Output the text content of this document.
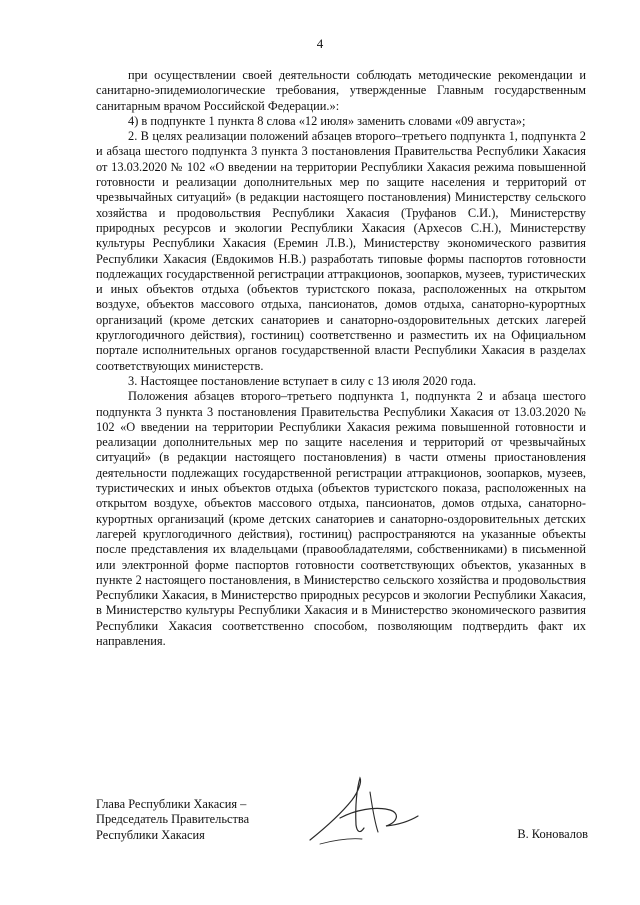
4

при осуществлении своей деятельности соблюдать методические рекомендации и санитарно-эпидемиологические требования, утвержденные Главным государственным санитарным врачом Российской Федерации.»:

4) в подпункте 1 пункта 8 слова «12 июля» заменить словами «09 августа»;

2. В целях реализации положений абзацев второго–третьего подпункта 1, подпункта 2 и абзаца шестого подпункта 3 пункта 3 постановления Правительства Республики Хакасия от 13.03.2020 № 102 «О введении на территории Республики Хакасия режима повышенной готовности и реализации дополнительных мер по защите населения и территорий от чрезвычайных ситуаций» (в редакции настоящего постановления) Министерству сельского хозяйства и продовольствия Республики Хакасия (Труфанов С.И.), Министерству природных ресурсов и экологии Республики Хакасия (Архесов С.Н.), Министерству культуры Республики Хакасия (Еремин Л.В.), Министерству экономического развития Республики Хакасия (Евдокимов Н.В.) разработать типовые формы паспортов готовности подлежащих государственной регистрации аттракционов, зоопарков, музеев, туристических и иных объектов отдыха (объектов туристского показа, расположенных на открытом воздухе, объектов массового отдыха, пансионатов, домов отдыха, санаторно-курортных организаций (кроме детских санаториев и санаторно-оздоровительных детских лагерей круглогодичного действия), гостиниц) соответственно и разместить их на Официальном портале исполнительных органов государственной власти Республики Хакасия в разделах соответствующих министерств.

3. Настоящее постановление вступает в силу с 13 июля 2020 года.

Положения абзацев второго–третьего подпункта 1, подпункта 2 и абзаца шестого подпункта 3 пункта 3 постановления Правительства Республики Хакасия от 13.03.2020 № 102 «О введении на территории Республики Хакасия режима повышенной готовности и реализации дополнительных мер по защите населения и территорий от чрезвычайных ситуаций» (в редакции настоящего постановления) в части отмены приостановления деятельности подлежащих государственной регистрации аттракционов, зоопарков, музеев, туристических и иных объектов отдыха (объектов туристского показа, расположенных на открытом воздухе, объектов массового отдыха, пансионатов, домов отдыха, санаторно-курортных организаций (кроме детских санаториев и санаторно-оздоровительных детских лагерей круглогодичного действия), гостиниц) распространяются на указанные объекты после представления их владельцами (правообладателями, собственниками) в письменной или электронной форме паспортов готовности соответствующих объектов, указанных в пункте 2 настоящего постановления, в Министерство сельского хозяйства и продовольствия Республики Хакасия, в Министерство природных ресурсов и экологии Республики Хакасия, в Министерство культуры Республики Хакасия и в Министерство экономического развития Республики Хакасия соответственно способом, позволяющим подтвердить факт их направления.

Глава Республики Хакасия –
Председатель Правительства
Республики Хакасия	В. Коновалов
